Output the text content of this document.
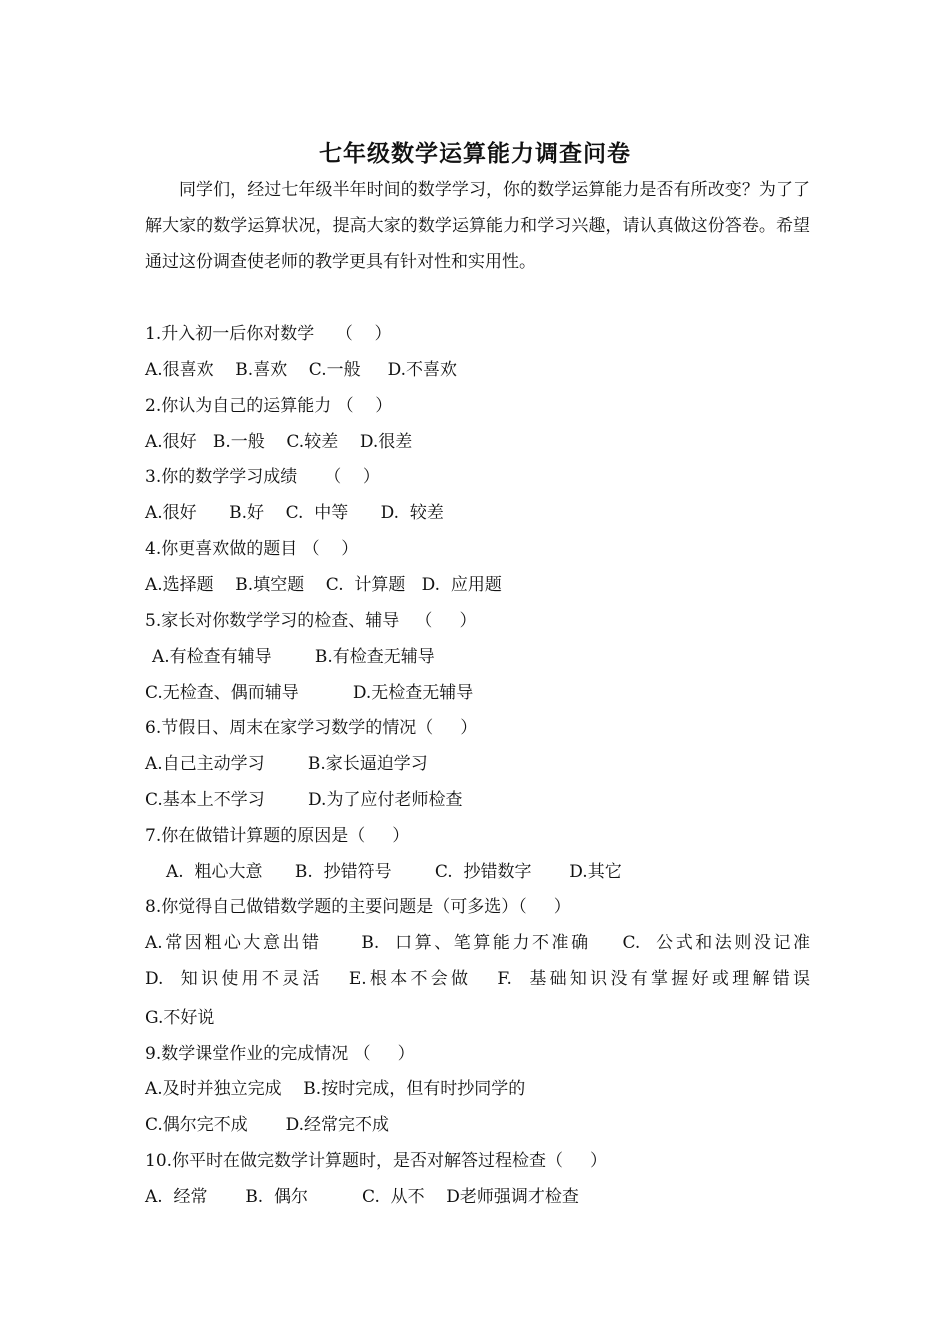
七年级数学运算能力调查问卷

同学们，经过七年级半年时间的数学学习，你的数学运算能力是否有所改变？为了了解大家的数学运算状况，提高大家的数学运算能力和学习兴趣，请认真做这份答卷。希望通过这份调查使老师的教学更具有针对性和实用性。

1.升入初一后你对数学    （    ）
A.很喜欢    B.喜欢    C.一般     D.不喜欢
2.你认为自己的运算能力 （    ）
A.很好   B.一般    C.较差    D.很差
3.你的数学学习成绩     （    ）
A.很好      B.好    C.  中等      D.  较差
4.你更喜欢做的题目 （    ）
A.选择题    B.填空题    C.  计算题   D.  应用题
5.家长对你数学学习的检查、辅导   （     ）
A.有检查有辅导        B.有检查无辅导
C.无检查、偶而辅导          D.无检查无辅导
6.节假日、周末在家学习数学的情况（     ）
A.自己主动学习        B.家长逼迫学习
C.基本上不学习        D.为了应付老师检查
7.你在做错计算题的原因是（     ）
A.  粗心大意      B.  抄错符号        C.  抄错数字       D.其它
8.你觉得自己做错数学题的主要问题是（可多选）（     ）
A.常因粗心大意出错     B.  口算、笔算能力不准确    C.  公式和法则没记准
D.  知识使用不灵活   E.根本不会做   F.  基础知识没有掌握好或理解错误
G.不好说
9.数学课堂作业的完成情况 （     ）
A.及时并独立完成    B.按时完成，但有时抄同学的
C.偶尔完不成       D.经常完不成
10.你平时在做完数学计算题时，是否对解答过程检查（     ）
A.  经常       B.  偶尔          C.  从不    D老师强调才检查
